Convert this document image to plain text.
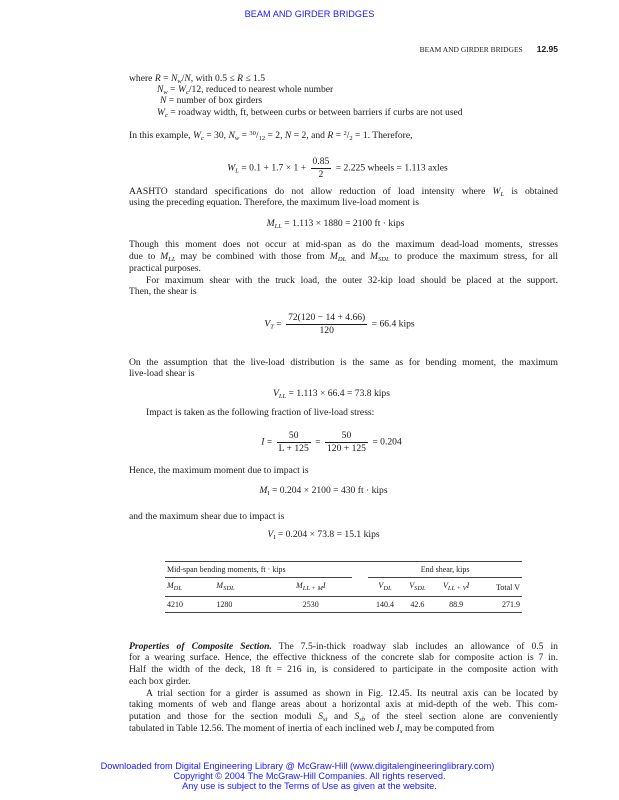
BEAM AND GIRDER BRIDGES
BEAM AND GIRDER BRIDGES 12.95
where $R = N_w/N$, with 0.5 ≤ R ≤ 1.5
$N_w = W_c/12$, reduced to nearest whole number
N = number of box girders
$W_c$ = roadway width, ft, between curbs or between barriers if curbs are not used
In this example, $W_c = 30$, $N_w = ^{30}/_{12} = 2$, N = 2, and $R = ^2/_2 = 1$. Therefore,
$W_L = 0.1 + 1.7 \times 1 + \frac{0.85}{2} = 2.225$ wheels = 1.113 axles
AASHTO standard specifications do not allow reduction of load intensity where $W_L$ is obtained
using the preceding equation. Therefore, the maximum live-load moment is
$M_{LL} = 1.113 \times 1880 = 2100$ ft · kips
Though this moment does not occur at mid-span as do the maximum dead-load moments, stresses
due to $M_{LL}$ may be combined with those from $M_{DL}$ and $M_{SDL}$ to produce the maximum stress, for all
practical purposes.
For maximum shear with the truck load, the outer 32-kip load should be placed at the support.
Then, the shear is
$V_T = \frac{72(120 - 14 + 4.66)}{120} = 66.4$ kips
On the assumption that the live-load distribution is the same as for bending moment, the maximum
live-load shear is
$V_{LL} = 1.113 \times 66.4 = 73.8$ kips
Impact is taken as the following fraction of live-load stress:
$I = \frac{50}{L + 125} = \frac{50}{120 + 125} = 0.204$
Hence, the maximum moment due to impact is
$M_I = 0.204 \times 2100 = 430$ ft · kips
and the maximum shear due to impact is
$V_I = 0.204 \times 73.8 = 15.1$ kips
Properties of Composite Section. The 7.5-in-thick roadway slab includes an allowance of 0.5 in
for a wearing surface. Hence, the effective thickness of the concrete slab for composite action is 7 in.
Half the width of the deck, 18 ft = 216 in, is considered to participate in the composite action with
each box girder.
A trial section for a girder is assumed as shown in Fig. 12.45. Its neutral axis can be located by
taking moments of web and flange areas about a horizontal axis at mid-depth of the web. This com-
putation and those for the section moduli $S_{st}$ and $S_{sb}$ of the steel section alone are conveniently
tabulated in Table 12.56. The moment of inertia of each inclined web $I_x$ may be computed from
Mid-span bending moments, ft · kips				End shear, kips			
$M_{DL}$	$M_{SDL}$	$M_{LL + M}I$		$V_{DL}$	$V_{SDL}$	$V_{LL + V}I$	Total V
4210	1280	2530		140.4	42.6	88.9	271.9
Downloaded from Digital Engineering Library @ McGraw-Hill (www.digitalengineeringlibrary.com)
Copyright © 2004 The McGraw-Hill Companies. All rights reserved.
Any use is subject to the Terms of Use as given at the website.
